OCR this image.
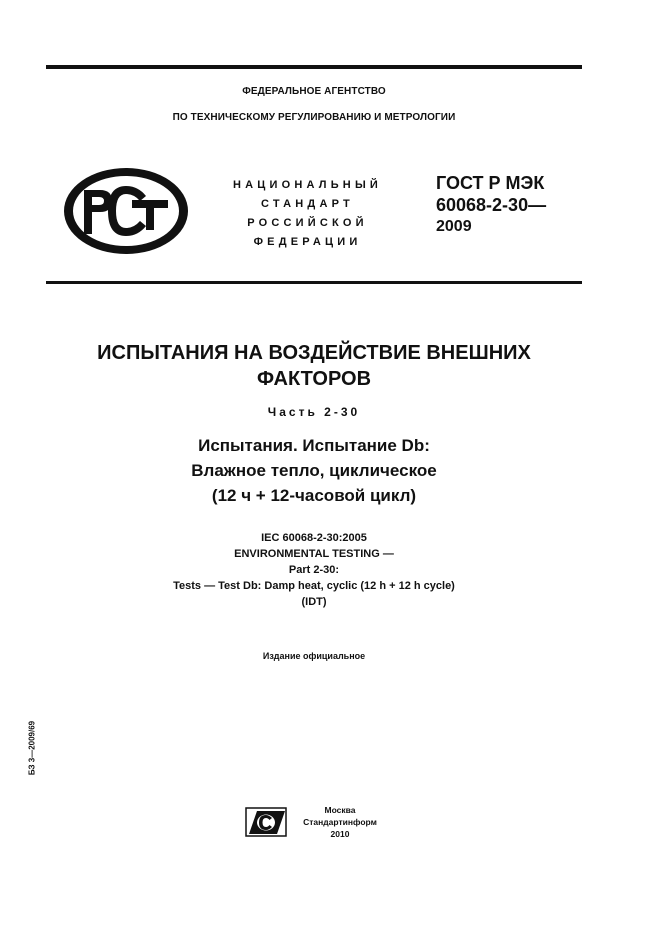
ФЕДЕРАЛЬНОЕ АГЕНТСТВО
ПО ТЕХНИЧЕСКОМУ РЕГУЛИРОВАНИЮ И МЕТРОЛОГИИ
НАЦИОНАЛЬНЫЙ
СТАНДАРТ
РОССИЙСКОЙ
ФЕДЕРАЦИИ
ГОСТ Р МЭК
60068-2-30—
2009
ИСПЫТАНИЯ НА ВОЗДЕЙСТВИЕ ВНЕШНИХ
ФАКТОРОВ
Часть 2-30
Испытания. Испытание Db:
Влажное тепло, циклическое
(12 ч + 12-часовой цикл)
IEC 60068-2-30:2005
ENVIRONMENTAL TESTING —
Part 2-30:
Tests — Test Db: Damp heat, cyclic (12 h + 12 h cycle)
(IDT)
Издание официальное
БЗ 3—2009/69
Москва
Стандартинформ
2010
